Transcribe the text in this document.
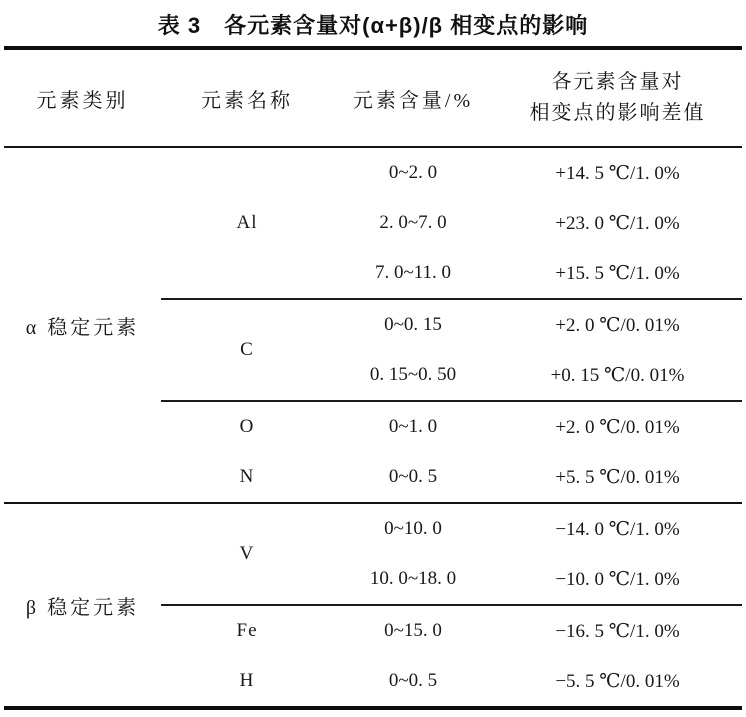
表 3　各元素含量对(α+β)/β 相变点的影响
元素类别	元素名称	元素含量/%	各元素含量对
相变点的影响差值

α 稳定元素	Al	0~2. 0	+14. 5 ℃/1. 0%
		2. 0~7. 0	+23. 0 ℃/1. 0%
		7. 0~11. 0	+15. 5 ℃/1. 0%
	C	0~0. 15	+2. 0 ℃/0. 01%
		0. 15~0. 50	+0. 15 ℃/0. 01%
	O	0~1. 0	+2. 0 ℃/0. 01%
	N	0~0. 5	+5. 5 ℃/0. 01%
β 稳定元素	V	0~10. 0	−14. 0 ℃/1. 0%
		10. 0~18. 0	−10. 0 ℃/1. 0%
	Fe	0~15. 0	−16. 5 ℃/1. 0%
	H	0~0. 5	−5. 5 ℃/0. 01%
